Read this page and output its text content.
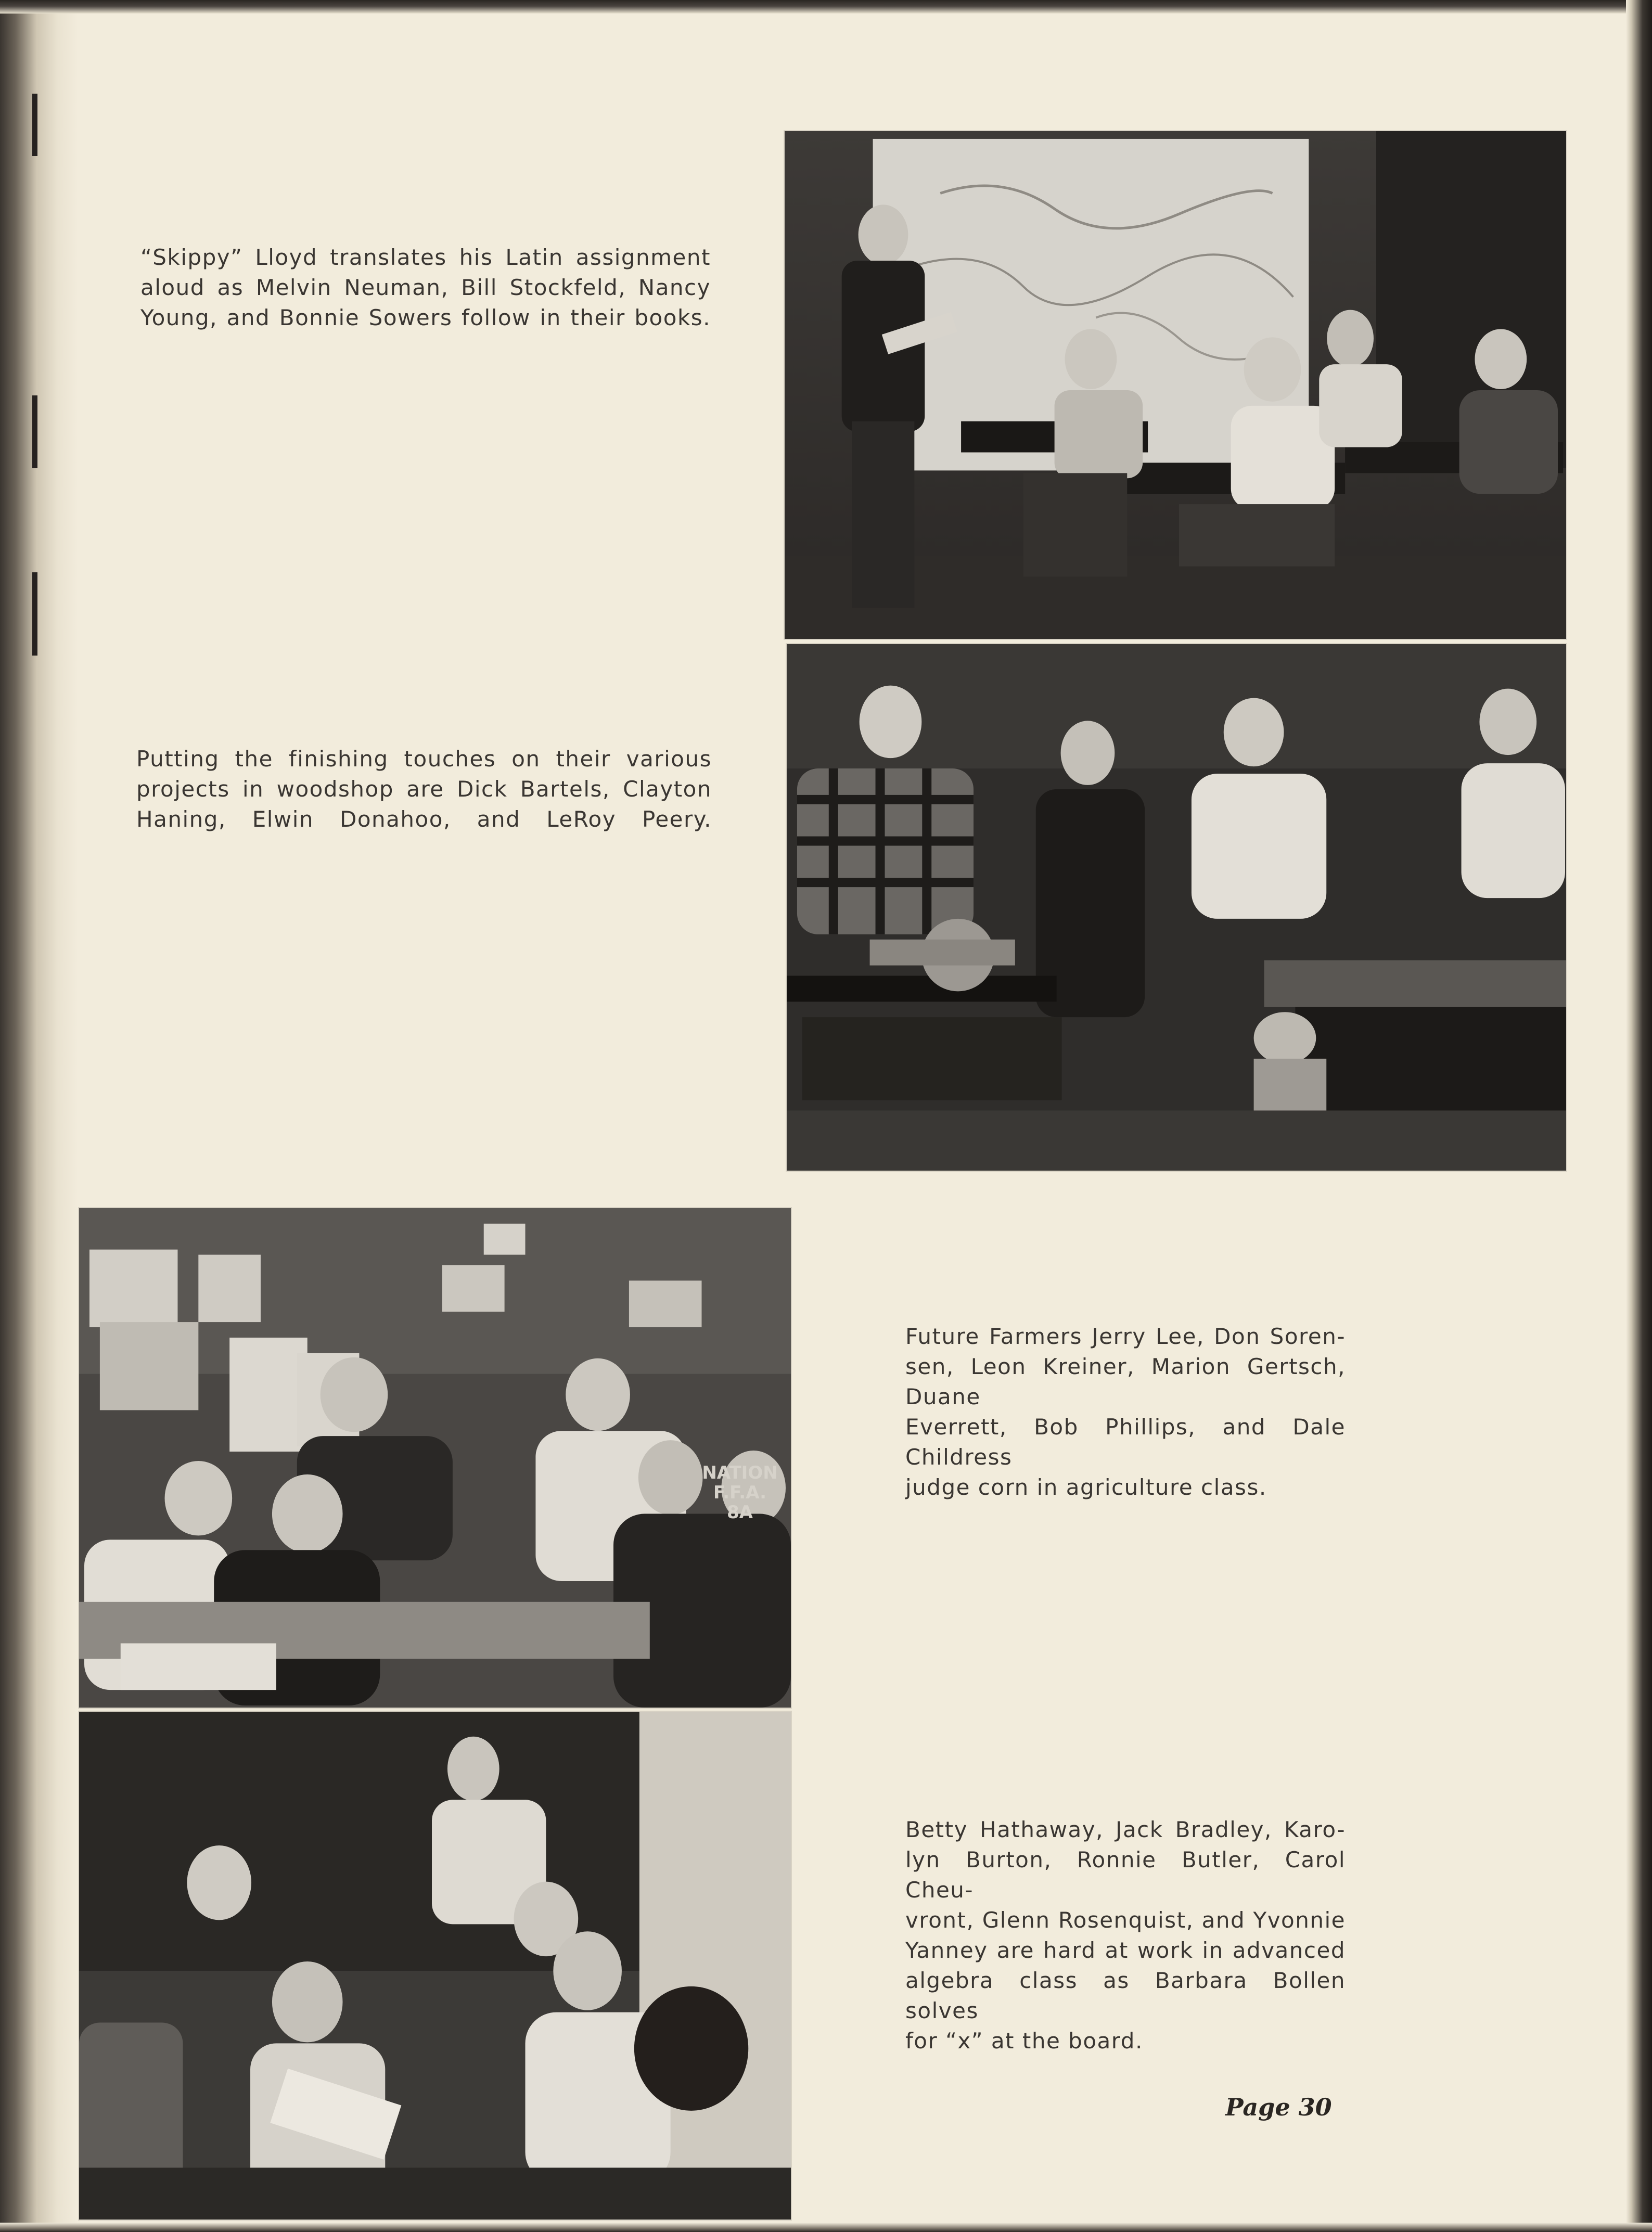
“Skippy” Lloyd translates his Latin assignment
aloud as Melvin Neuman, Bill Stockfeld, Nancy
Young, and Bonnie Sowers follow in their books.
Putting the finishing touches on their various
projects in woodshop are Dick Bartels, Clayton
Haning, Elwin Donahoo, and LeRoy Peery.
NATION
F.F.A. 8A
Future Farmers Jerry Lee, Don Soren-
sen, Leon Kreiner, Marion Gertsch, Duane
Everrett, Bob Phillips, and Dale Childress
judge corn in agriculture class.
Betty Hathaway, Jack Bradley, Karo-
lyn Burton, Ronnie Butler, Carol Cheu-
vront, Glenn Rosenquist, and Yvonnie
Yanney are hard at work in advanced
algebra class as Barbara Bollen solves
for “x” at the board.
Page 30
